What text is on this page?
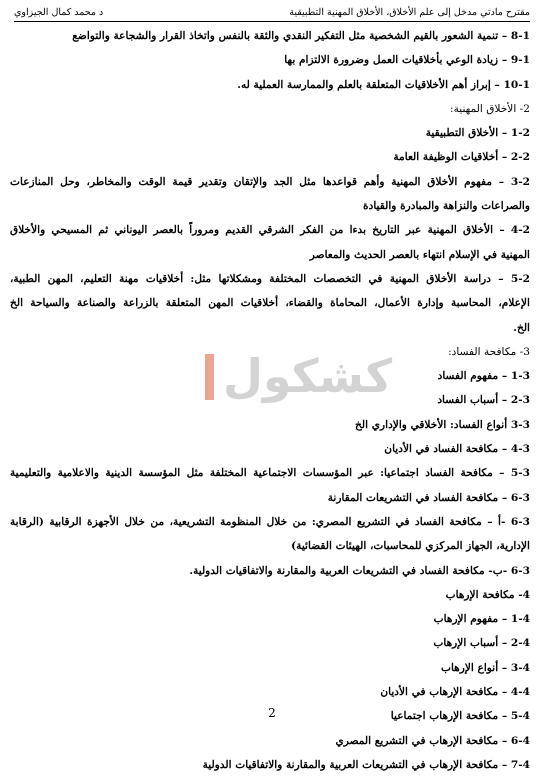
مقترح مادتي مدخل إلى علم الأخلاق، الأخلاق المهنية التطبيقية
د محمد كمال الجيزاوي
8-1 – تنمية الشعور بالقيم الشخصية مثل التفكير النقدي والثقة بالنفس واتخاذ القرار والشجاعة والتواضع
9-1 – زيادة الوعي بأخلاقيات العمل وضرورة الالتزام بها
10-1 – إبراز أهم الأخلاقيات المتعلقة بالعلم والممارسة العملية له.
2- الأخلاق المهنية:
1-2 – الأخلاق التطبيقية
2-2 – أخلاقيات الوظيفة العامة
3-2 – مفهوم الأخلاق المهنية وأهم قواعدها مثل الجد والإتقان وتقدير قيمة الوقت والمخاطر، وحل المنازعات
والصراعات والنزاهة والمبادرة والقيادة
4-2 – الأخلاق المهنية عبر التاريخ بدءا من الفكر الشرقي القديم ومروراً بالعصر اليوناني ثم المسيحي والأخلاق
المهنية في الإسلام انتهاء بالعصر الحديث والمعاصر
5-2 – دراسة الأخلاق المهنية في التخصصات المختلفة ومشكلاتها مثل: أخلاقيات مهنة التعليم، المهن الطبية،
الإعلام، المحاسبة وإدارة الأعمال، المحاماة والقضاء، أخلاقيات المهن المتعلقة بالزراعة والصناعة والسياحة الخ
الخ.
3- مكافحة الفساد:
1-3 – مفهوم الفساد
2-3 – أسباب الفساد
3-3 أنواع الفساد: الأخلاقي والإداري الخ
4-3 – مكافحة الفساد في الأديان
5-3 – مكافحة الفساد اجتماعيا: عبر المؤسسات الاجتماعية المختلفة مثل المؤسسة الدينية والاعلامية والتعليمية
6-3 – مكافحة الفساد في التشريعات المقارنة
6-3 -أ – مكافحة الفساد في التشريع المصري: من خلال المنظومة التشريعية، من خلال الأجهزة الرقابية (الرقابة
الإدارية، الجهاز المركزي للمحاسبات، الهيئات القضائية)
6-3 -ب- مكافحة الفساد في التشريعات العربية والمقارنة والاتفاقيات الدولية.
4- مكافحة الإرهاب
1-4 – مفهوم الإرهاب
2-4 – أسباب الإرهاب
3-4 – أنواع الإرهاب
4-4 – مكافحة الإرهاب في الأديان
5-4 – مكافحة الإرهاب اجتماعيا
6-4 – مكافحة الإرهاب في التشريع المصري
7-4 – مكافحة الإرهاب في التشريعات العربية والمقارنة والاتفاقيات الدولية
كشكول
2
